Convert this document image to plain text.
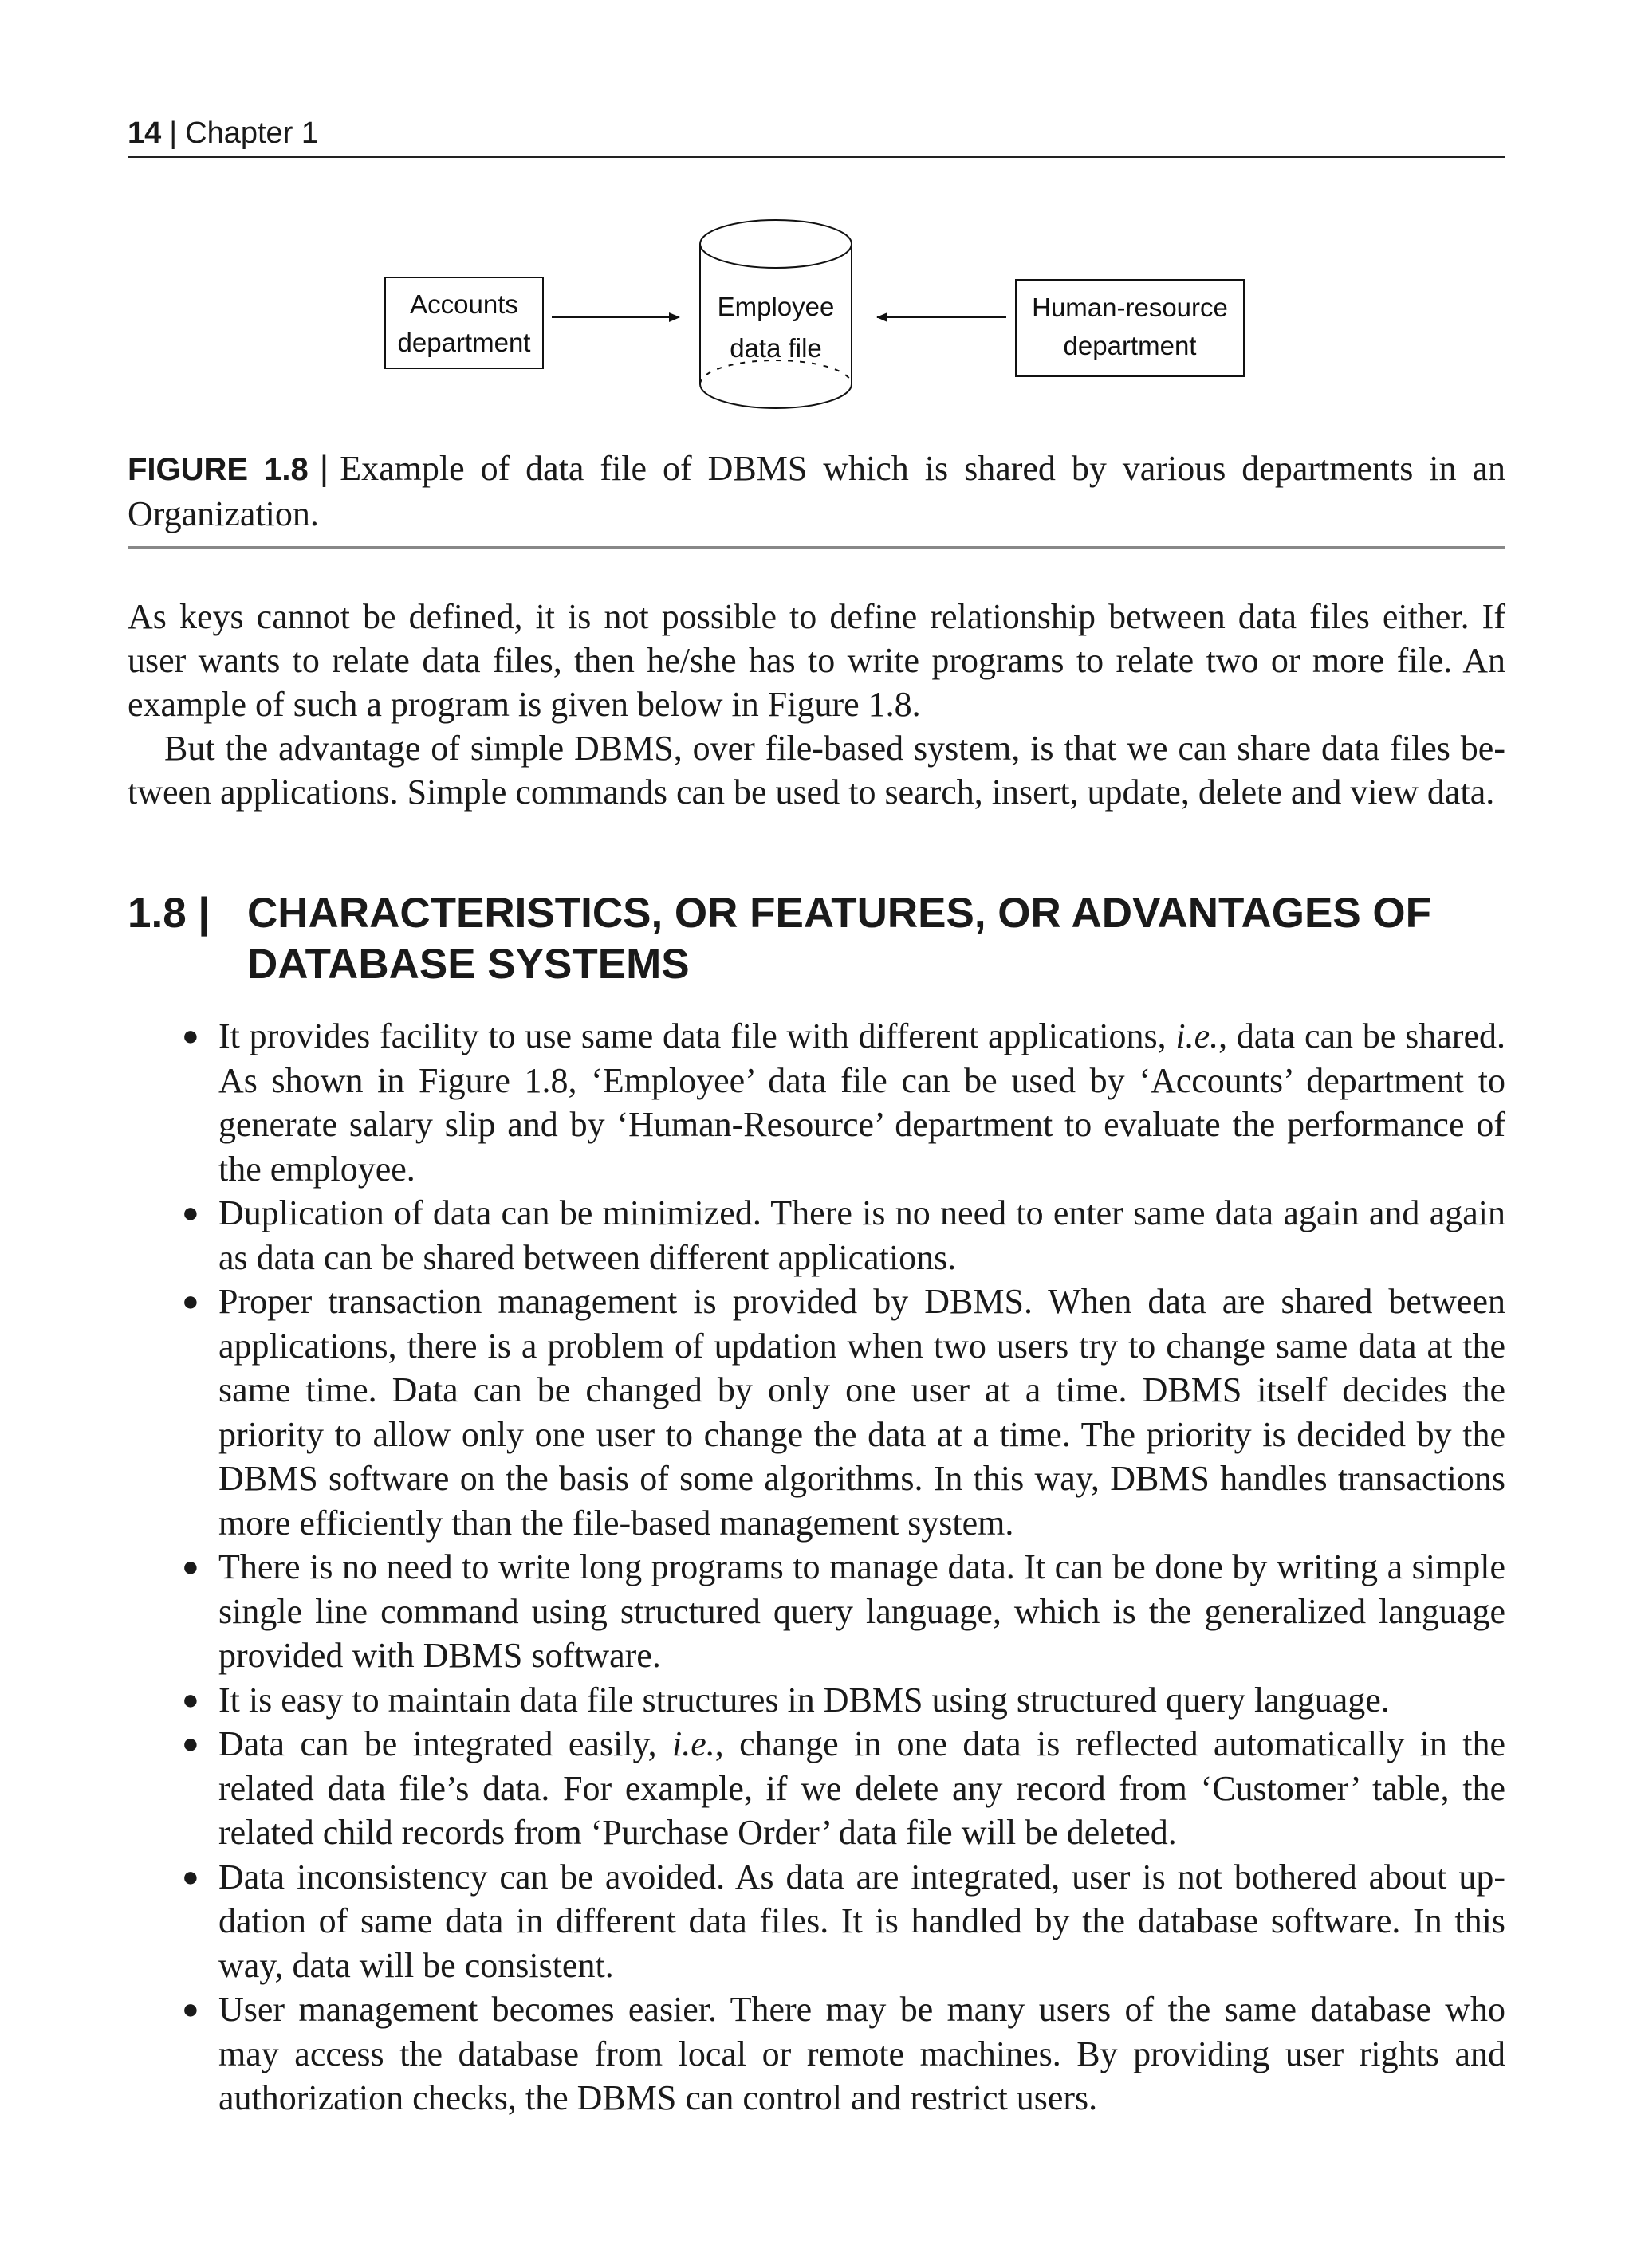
14 | Chapter 1
Accounts
department
Employee
data file
Human-resource
department
FIGURE 1.8 | Example of data file of DBMS which is shared by various departments in an Organization.

As keys cannot be defined, it is not possible to define relationship between data files either. If user wants to relate data files, then he/she has to write programs to relate two or more file. An example of such a program is given below in Figure 1.8.

But the advantage of simple DBMS, over file-based system, is that we can share data files between applications. Simple commands can be used to search, insert, update, delete and view data.

1.8 | CHARACTERISTICS, OR FEATURES, OR ADVANTAGES OF DATABASE SYSTEMS
● It provides facility to use same data file with different applications, i.e., data can be shared. As shown in Figure 1.8, ‘Employee’ data file can be used by ‘Accounts’ department to generate salary slip and by ‘Human-Resource’ department to evaluate the performance of the employee.
● Duplication of data can be minimized. There is no need to enter same data again and again as data can be shared between different applications.
● Proper transaction management is provided by DBMS. When data are shared between applications, there is a problem of updation when two users try to change same data at the same time. Data can be changed by only one user at a time. DBMS itself decides the priority to allow only one user to change the data at a time. The priority is decided by the DBMS software on the basis of some algorithms. In this way, DBMS handles transactions more efficiently than the file-based management system.
● There is no need to write long programs to manage data. It can be done by writing a simple single line command using structured query language, which is the generalized language provided with DBMS software.
● It is easy to maintain data file structures in DBMS using structured query language.
● Data can be integrated easily, i.e., change in one data is reflected automatically in the related data file’s data. For example, if we delete any record from ‘Customer’ table, the related child records from ‘Purchase Order’ data file will be deleted.
● Data inconsistency can be avoided. As data are integrated, user is not bothered about updation of same data in different data files. It is handled by the database software. In this way, data will be consistent.
● User management becomes easier. There may be many users of the same database who may access the database from local or remote machines. By providing user rights and authorization checks, the DBMS can control and restrict users.
